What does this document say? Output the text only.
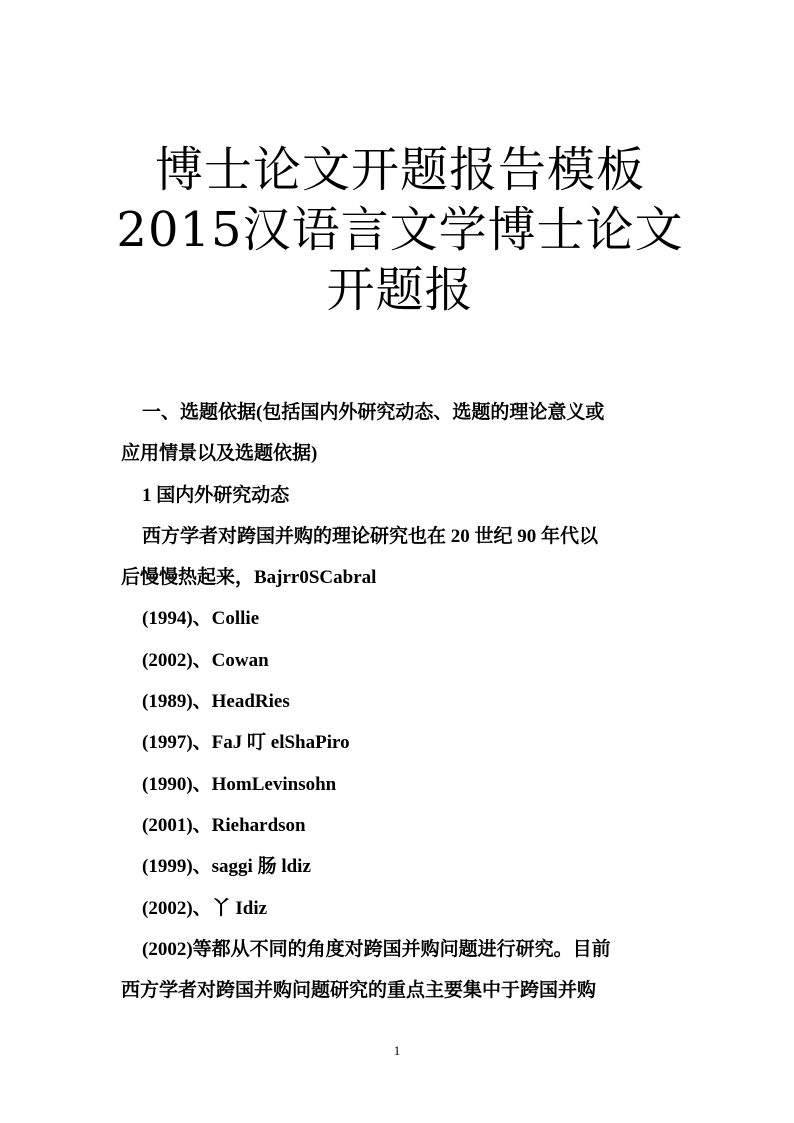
博士论文开题报告模板
2015汉语言文学博士论文
开题报
一、选题依据(包括国内外研究动态、选题的理论意义或
应用情景以及选题依据)
1 国内外研究动态
西方学者对跨国并购的理论研究也在 20 世纪 90 年代以
后慢慢热起来，Bajrr0SCabral
(1994)、Collie
(2002)、Cowan
(1989)、HeadRies
(1997)、FaJ 叮 elShaPiro
(1990)、HomLevinsohn
(2001)、Riehardson
(1999)、saggi 肠 ldiz
(2002)、丫 Idiz
(2002)等都从不同的角度对跨国并购问题进行研究。目前
西方学者对跨国并购问题研究的重点主要集中于跨国并购
1
